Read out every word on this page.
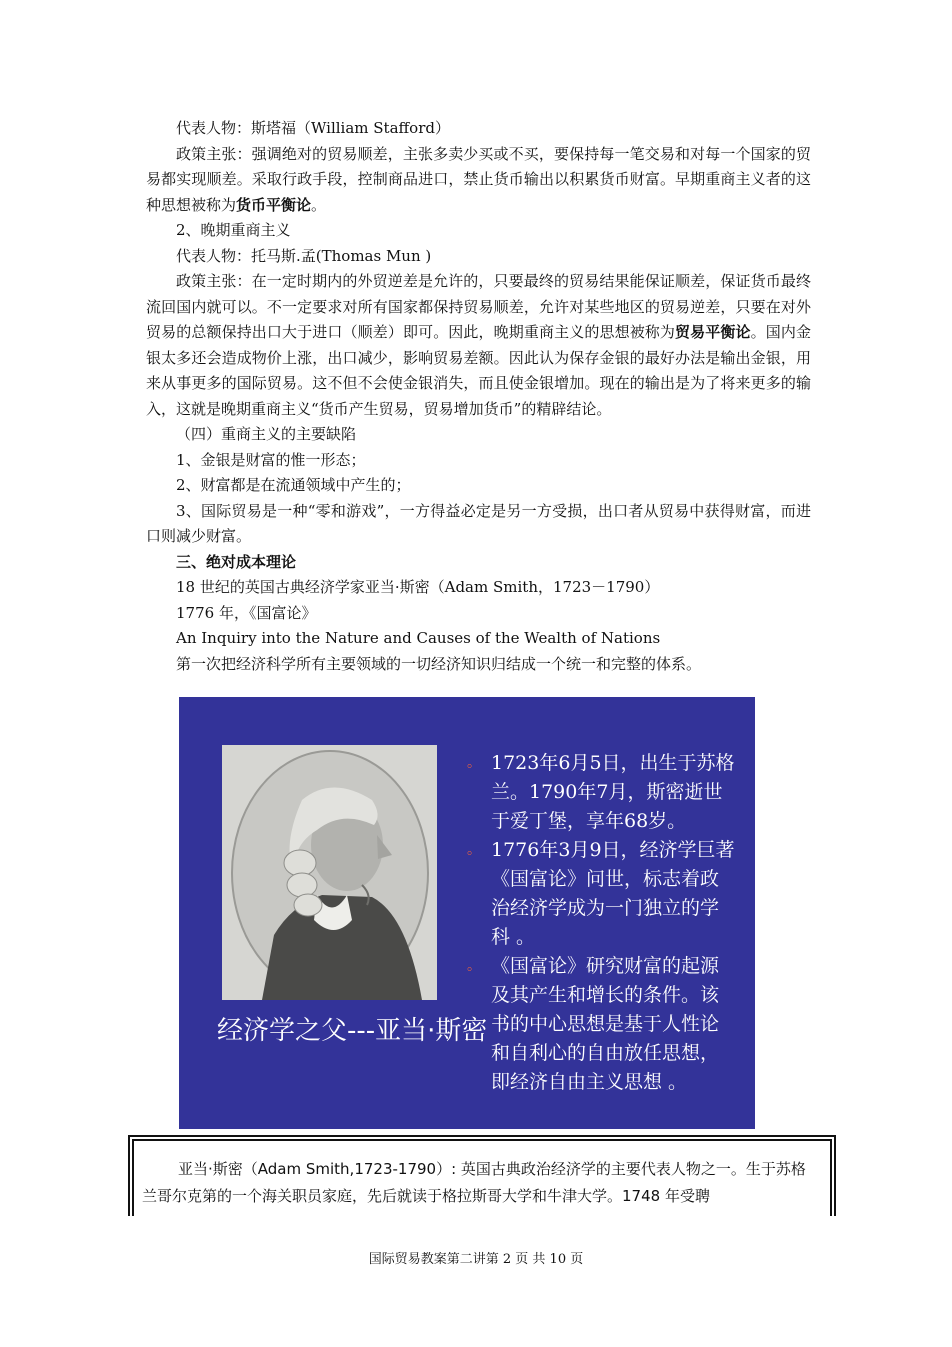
代表人物：斯塔福（William Stafford）

政策主张：强调绝对的贸易顺差，主张多卖少买或不买，要保持每一笔交易和对每一个国家的贸易都实现顺差。采取行政手段，控制商品进口，禁止货币输出以积累货币财富。早期重商主义者的这种思想被称为货币平衡论。

2、晚期重商主义
代表人物：托马斯.孟(Thomas Mun )

政策主张：在一定时期内的外贸逆差是允许的，只要最终的贸易结果能保证顺差，保证货币最终流回国内就可以。不一定要求对所有国家都保持贸易顺差，允许对某些地区的贸易逆差，只要在对外贸易的总额保持出口大于进口（顺差）即可。因此，晚期重商主义的思想被称为贸易平衡论。国内金银太多还会造成物价上涨，出口减少，影响贸易差额。因此认为保存金银的最好办法是输出金银，用来从事更多的国际贸易。这不但不会使金银消失，而且使金银增加。现在的输出是为了将来更多的输入，这就是晚期重商主义“货币产生贸易，贸易增加货币”的精辟结论。

（四）重商主义的主要缺陷
1、金银是财富的惟一形态；
2、财富都是在流通领域中产生的；

3、国际贸易是一种“零和游戏”，一方得益必定是另一方受损，出口者从贸易中获得财富，而进口则减少财富。

三、绝对成本理论
18 世纪的英国古典经济学家亚当·斯密（Adam Smith，1723－1790）
1776 年，《国富论》
An Inquiry into the Nature and Causes of the Wealth of Nations
第一次把经济科学所有主要领域的一切经济知识归结成一个统一和完整的体系。
经济学之父---亚当·斯密
。 1723年6月5日，出生于苏格兰。1790年7月，斯密逝世于爱丁堡，享年68岁。
。 1776年3月9日，经济学巨著《国富论》问世，标志着政治经济学成为一门独立的学科 。
。 《国富论》研究财富的起源及其产生和增长的条件。该书的中心思想是基于人性论和自利心的自由放任思想，即经济自由主义思想 。
亚当·斯密（Adam Smith,1723-1790）: 英国古典政治经济学的主要代表人物之一。生于苏格兰哥尔克第的一个海关职员家庭，先后就读于格拉斯哥大学和牛津大学。1748 年受聘
国际贸易教案第二讲第 2 页 共 10 页
